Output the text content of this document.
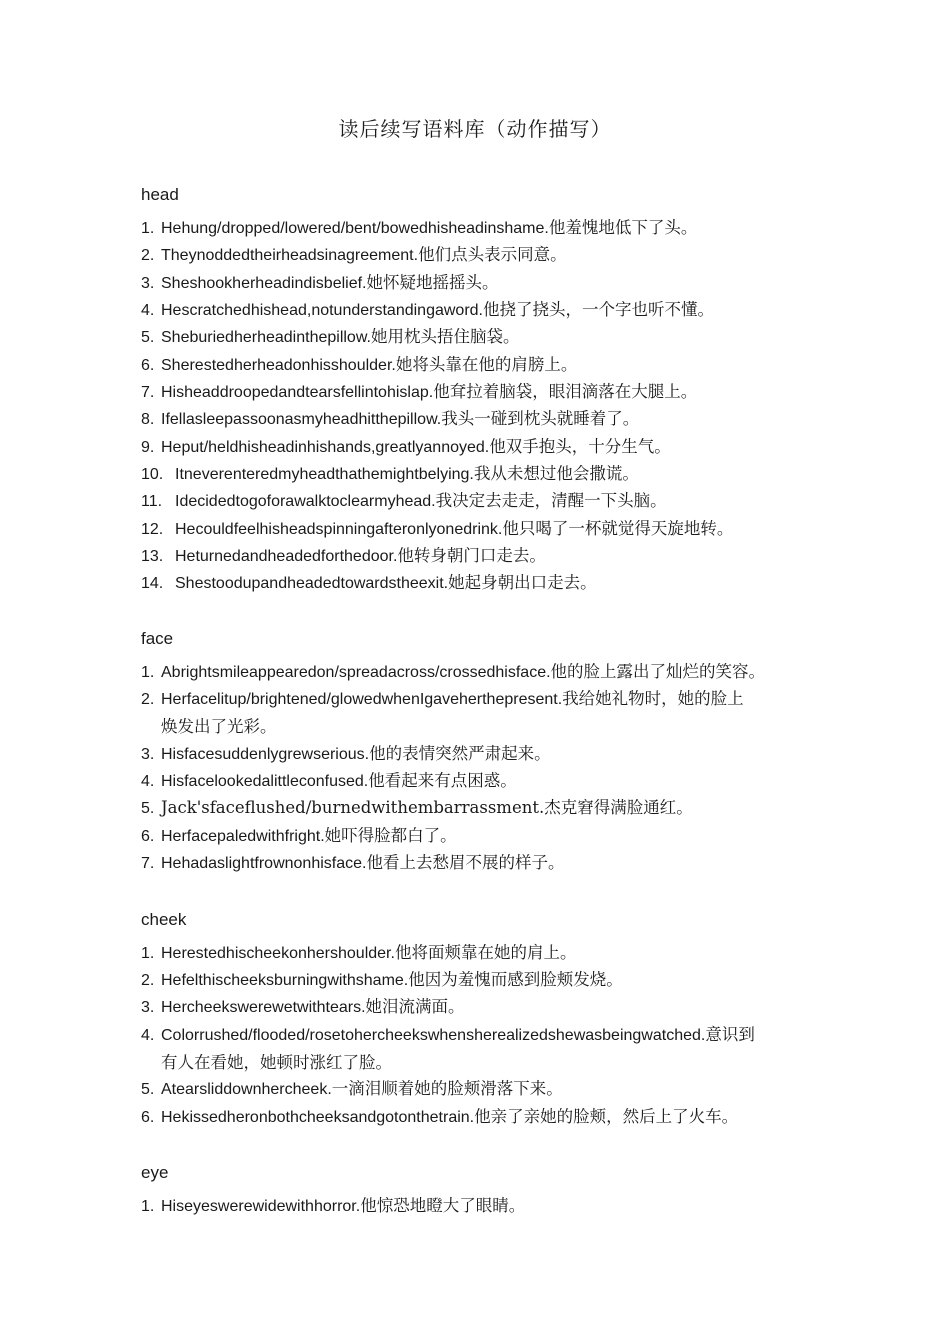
读后续写语料库（动作描写）
head
1. Hehung/dropped/lowered/bent/bowedhisheadinshame.他羞愧地低下了头。
2. Theynoddedtheirheadsinagreement.他们点头表示同意。
3. Sheshookherheadindisbelief.她怀疑地摇摇头。
4. Hescratchedhishead,notunderstandingaword.他挠了挠头，一个字也听不懂。
5. Sheburiedherheadinthepillow.她用枕头捂住脑袋。
6. Sherestedherheadonhisshoulder.她将头靠在他的肩膀上。
7. Hisheaddroopedandtearsfellintohislap.他耷拉着脑袋，眼泪滴落在大腿上。
8. Ifellasleepassoonasmyheadhitthepillow.我头一碰到枕头就睡着了。
9. Heput/heldhisheadinhishands,greatlyannoyed.他双手抱头，十分生气。
10. Itneverenteredmyheadthathemightbelying.我从未想过他会撒谎。
11. Idecidedtogoforawalktoclearmyhead.我决定去走走，清醒一下头脑。
12. Hecouldfeelhisheadspinningafteronlyonedrink.他只喝了一杯就觉得天旋地转。
13. Heturnedandheadedforthedoor.他转身朝门口走去。
14. Shestoodupandheadedtowardstheexit.她起身朝出口走去。
face
1. Abrightsmileappearedon/spreadacross/crossedhisface.他的脸上露出了灿烂的笑容。
2. Herfacelitup/brightened/glowedwhenIgaveherthepresent.我给她礼物时，她的脸上
焕发出了光彩。
3. Hisfacesuddenlygrewserious.他的表情突然严肃起来。
4. Hisfacelookedalittleconfused.他看起来有点困惑。
5. Jack'sfaceflushed/burnedwithembarrassment.杰克窘得满脸通红。
6. Herfacepaledwithfright.她吓得脸都白了。
7. Hehadaslightfrownonhisface.他看上去愁眉不展的样子。
cheek
1. Herestedhischeekonhershoulder.他将面颊靠在她的肩上。
2. Hefelthischeeksburningwithshame.他因为羞愧而感到脸颊发烧。
3. Hercheekswerewetwithtears.她泪流满面。
4. Colorrushed/flooded/rosetohercheekswhensherealizedshewasbeingwatched.意识到
有人在看她，她顿时涨红了脸。
5. Atearsliddownhercheek.一滴泪顺着她的脸颊滑落下来。
6. Hekissedheronbothcheeksandgotonthetrain.他亲了亲她的脸颊，然后上了火车。
eye
1. Hiseyeswerewidewithhorror.他惊恐地瞪大了眼睛。
